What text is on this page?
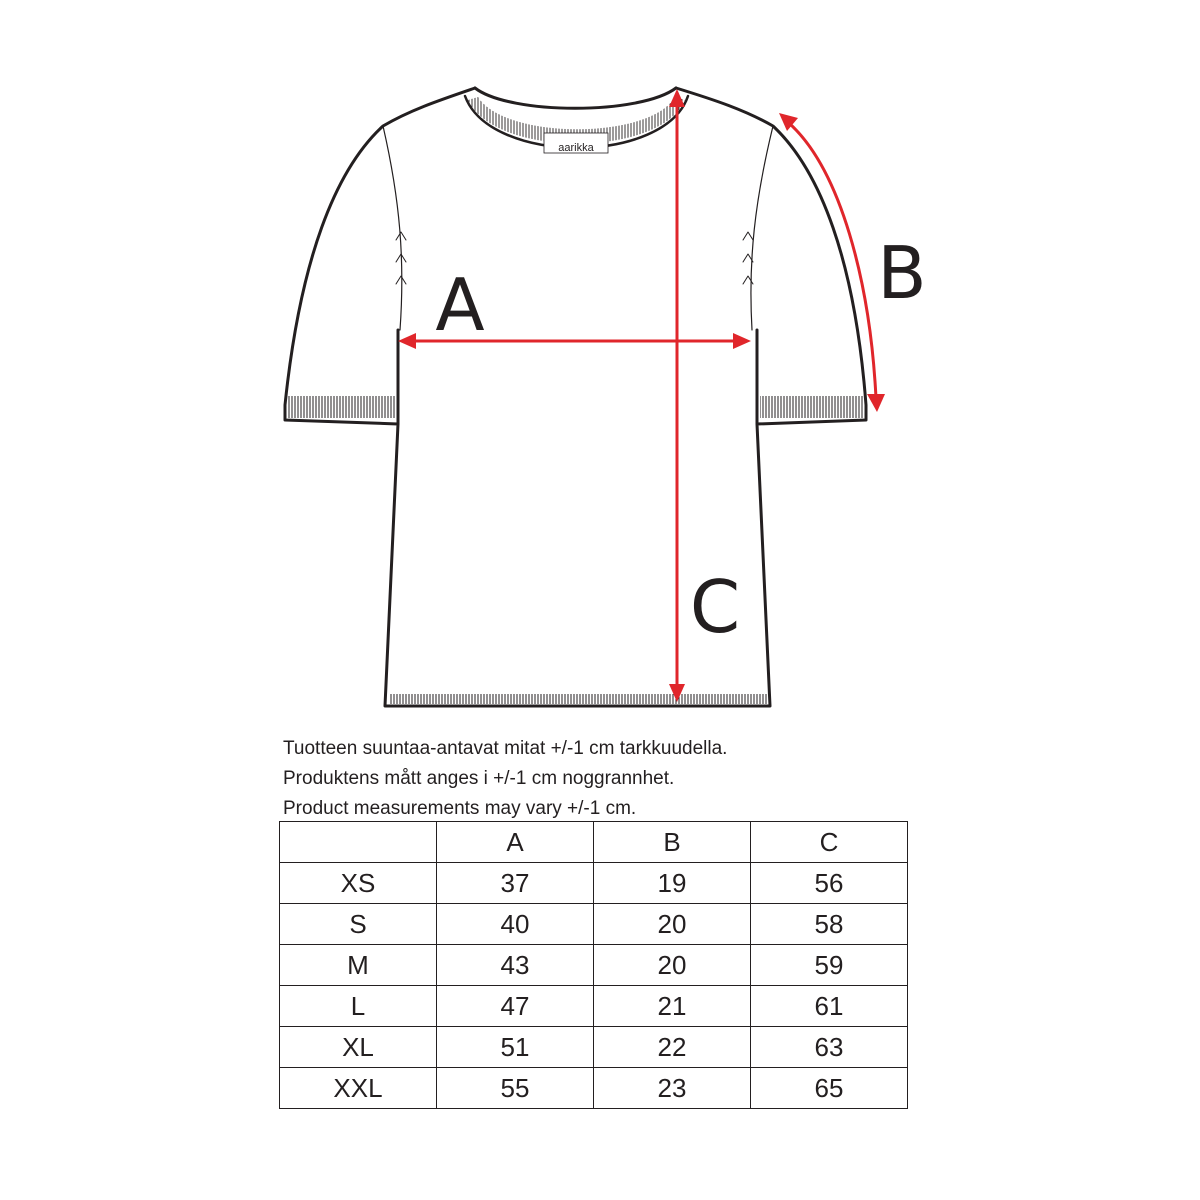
aarikka
A	B
C

Tuotteen suuntaa-antavat mitat +/-1 cm tarkkuudella.

Produktens mått anges i +/-1 cm noggrannhet.

Product measurements may vary +/-1 cm.

	A	B	C
XS	37	19	56
S	40	20	58
M	43	20	59
L	47	21	61
XL	51	22	63
XXL	55	23	65
